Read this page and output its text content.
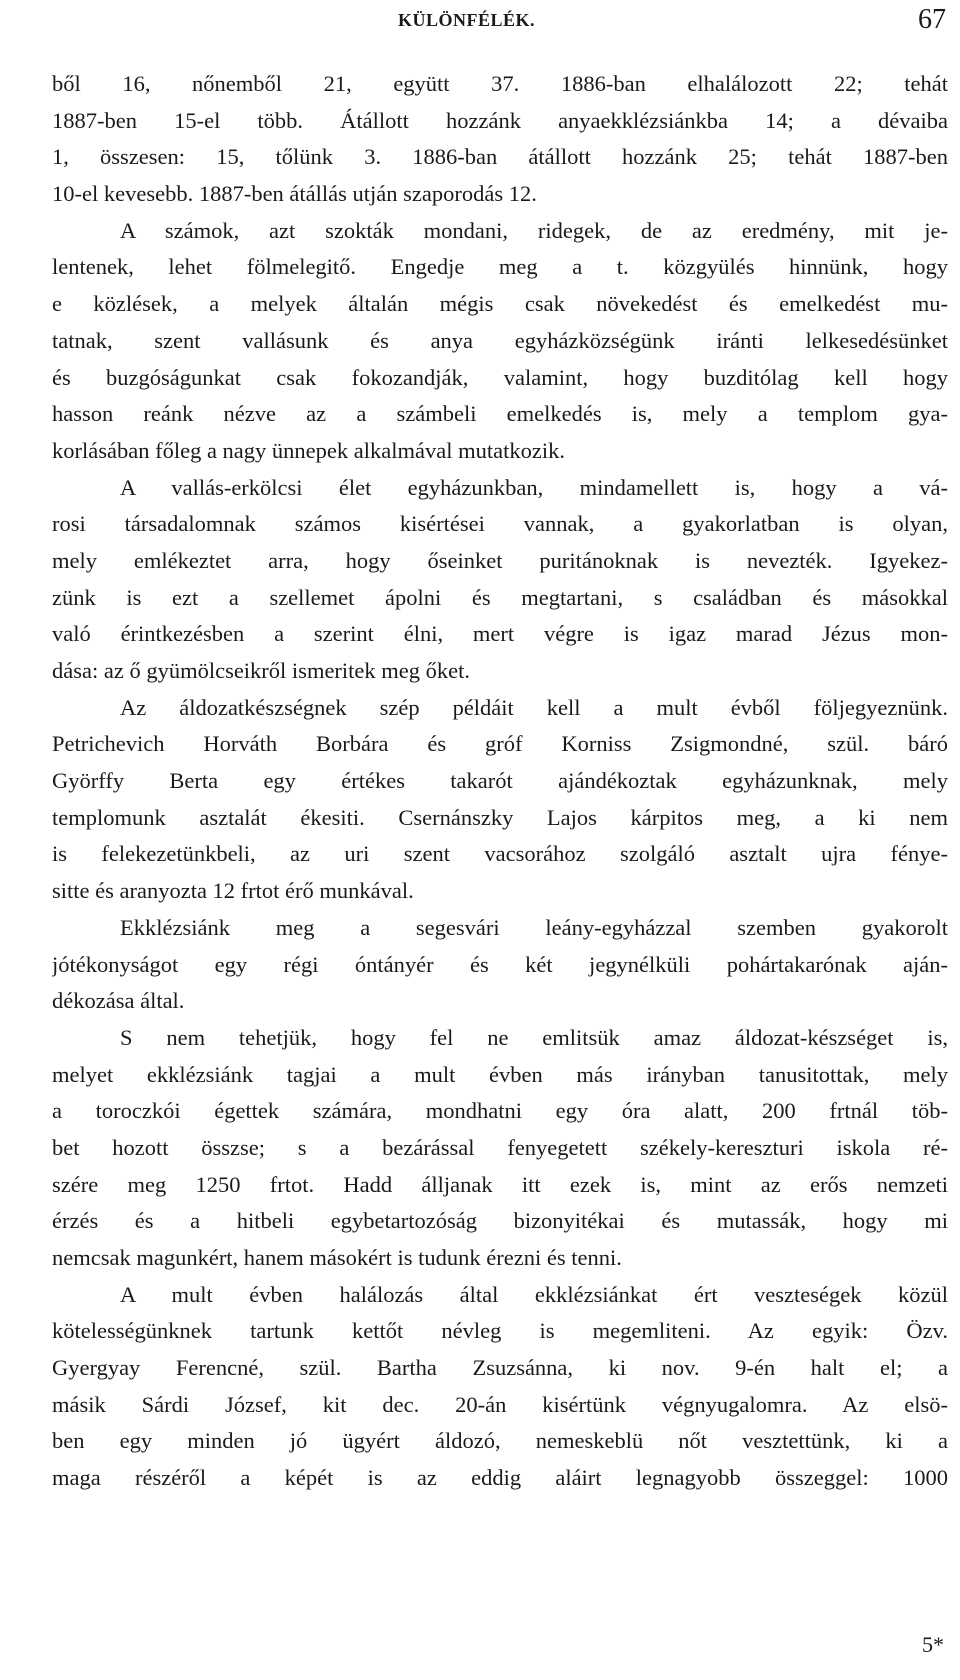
KÜLÖNFÉLÉK.	67
ből 16, nőnemből 21, együtt 37. 1886-ban elhalálozott 22; tehát
1887-ben 15-el több. Átállott hozzánk anyaekklézsiánkba 14; a dévaiba
1, összesen: 15, tőlünk 3. 1886-ban átállott hozzánk 25; tehát 1887-ben
10-el kevesebb. 1887-ben átállás utján szaporodás 12.
A számok, azt szokták mondani, ridegek, de az eredmény, mit je-
lentenek, lehet fölmelegitő. Engedje meg a t. közgyülés hinnünk, hogy
e közlések, a melyek általán mégis csak növekedést és emelkedést mu-
tatnak, szent vallásunk és anya egyházközségünk iránti lelkesedésünket
és buzgóságunkat csak fokozandják, valamint, hogy buzditólag kell hogy
hasson reánk nézve az a számbeli emelkedés is, mely a templom gya-
korlásában főleg a nagy ünnepek alkalmával mutatkozik.
A vallás-erkölcsi élet egyházunkban, mindamellett is, hogy a vá-
rosi társadalomnak számos kisértései vannak, a gyakorlatban is olyan,
mely emlékeztet arra, hogy őseinket puritánoknak is nevezték. Igyekez-
zünk is ezt a szellemet ápolni és megtartani, s családban és másokkal
való érintkezésben a szerint élni, mert végre is igaz marad Jézus mon-
dása: az ő gyümölcseikről ismeritek meg őket.
Az áldozatkészségnek szép példáit kell a mult évből följegyeznünk.
Petrichevich Horváth Borbára és gróf Korniss Zsigmondné, szül. báró
Györffy Berta egy értékes takarót ajándékoztak egyházunknak, mely
templomunk asztalát ékesiti. Csernánszky Lajos kárpitos meg, a ki nem
is felekezetünkbeli, az uri szent vacsorához szolgáló asztalt ujra fénye-
sitte és aranyozta 12 frtot érő munkával.
Ekklézsiánk meg a segesvári leány-egyházzal szemben gyakorolt
jótékonyságot egy régi óntányér és két jegynélküli pohártakarónak aján-
dékozása által.
S nem tehetjük, hogy fel ne emlitsük amaz áldozat-készséget is,
melyet ekklézsiánk tagjai a mult évben más irányban tanusitottak, mely
a toroczkói égettek számára, mondhatni egy óra alatt, 200 frtnál töb-
bet hozott összse; s a bezárással fenyegetett székely-kereszturi iskola ré-
szére meg 1250 frtot. Hadd álljanak itt ezek is, mint az erős nemzeti
érzés és a hitbeli egybetartozóság bizonyitékai és mutassák, hogy mi
nemcsak magunkért, hanem másokért is tudunk érezni és tenni.
A mult évben halálozás által ekklézsiánkat ért veszteségek közül
kötelességünknek tartunk kettőt névleg is megemliteni. Az egyik: Özv.
Gyergyay Ferencné, szül. Bartha Zsuzsánna, ki nov. 9-én halt el; a
másik Sárdi József, kit dec. 20-án kisértünk végnyugalomra. Az elsö-
ben egy minden jó ügyért áldozó, nemeskeblü nőt vesztettünk, ki a
maga részéről a képét is az eddig aláirt legnagyobb összeggel: 1000
5*
